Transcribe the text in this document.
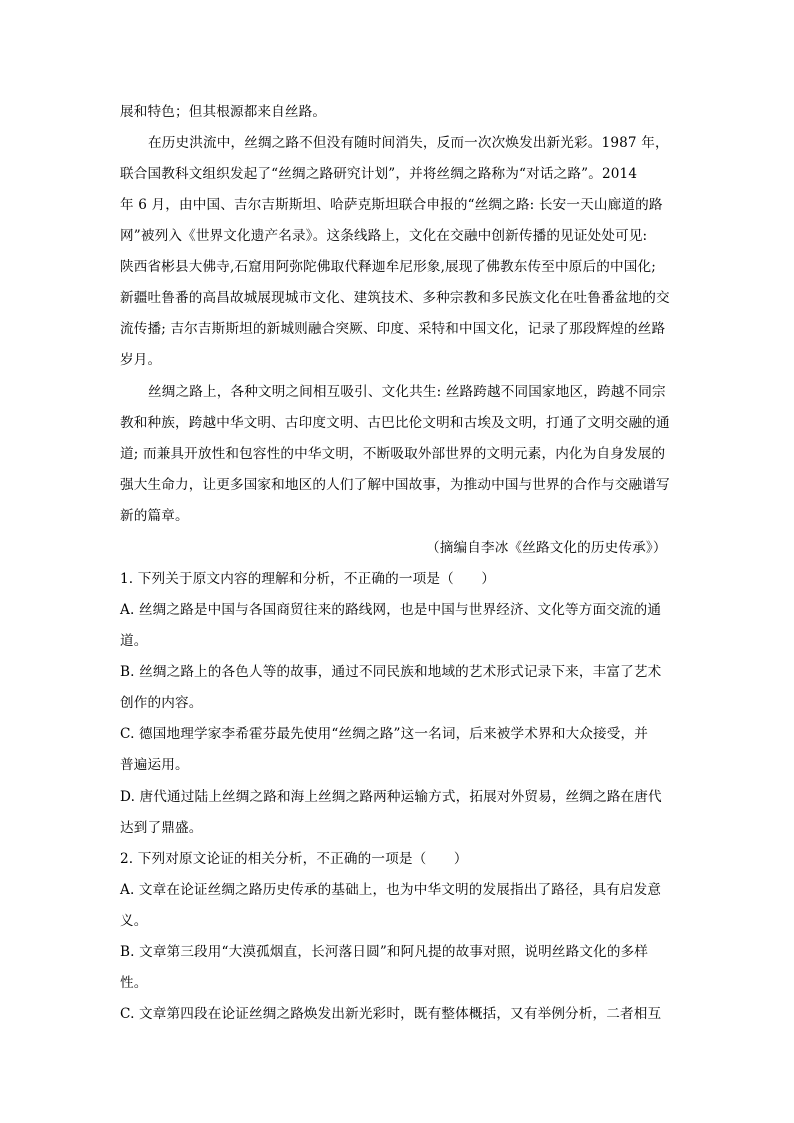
展和特色；但其根源都来自丝路。
在历史洪流中，丝绸之路不但没有随时间消失，反而一次次焕发出新光彩。1987 年，
联合国教科文组织发起了“丝绸之路研究计划”，并将丝绸之路称为“对话之路”。2014
年 6 月，由中国、吉尔吉斯斯坦、哈萨克斯坦联合申报的“丝绸之路: 长安一天山廊道的路
网”被列入《世界文化遗产名录》。这条线路上，文化在交融中创新传播的见证处处可见:
陕西省彬县大佛寺,石窟用阿弥陀佛取代释迦牟尼形象,展现了佛教东传至中原后的中国化;
新疆吐鲁番的高昌故城展现城市文化、建筑技术、多种宗教和多民族文化在吐鲁番盆地的交
流传播; 吉尔吉斯斯坦的新城则融合突厥、印度、采特和中国文化，记录了那段辉煌的丝路
岁月。
丝绸之路上，各种文明之间相互吸引、文化共生: 丝路跨越不同国家地区，跨越不同宗
教和种族，跨越中华文明、古印度文明、古巴比伦文明和古埃及文明，打通了文明交融的通
道; 而兼具开放性和包容性的中华文明，不断吸取外部世界的文明元素，内化为自身发展的
强大生命力，让更多国家和地区的人们了解中国故事，为推动中国与世界的合作与交融谱写
新的篇章。
（摘编自李冰《丝路文化的历史传承》）
1. 下列关于原文内容的理解和分析，不正确的一项是（　　）
A. 丝绸之路是中国与各国商贸往来的路线网，也是中国与世界经济、文化等方面交流的通
道。
B. 丝绸之路上的各色人等的故事，通过不同民族和地域的艺术形式记录下来，丰富了艺术
创作的内容。
C. 德国地理学家李希霍芬最先使用“丝绸之路”这一名词，后来被学术界和大众接受，并
普遍运用。
D. 唐代通过陆上丝绸之路和海上丝绸之路两种运输方式，拓展对外贸易，丝绸之路在唐代
达到了鼎盛。
2. 下列对原文论证的相关分析，不正确的一项是（　　）
A. 文章在论证丝绸之路历史传承的基础上，也为中华文明的发展指出了路径，具有启发意
义。
B. 文章第三段用“大漠孤烟直，长河落日圆”和阿凡提的故事对照，说明丝路文化的多样
性。
C. 文章第四段在论证丝绸之路焕发出新光彩时，既有整体概括，又有举例分析，二者相互
